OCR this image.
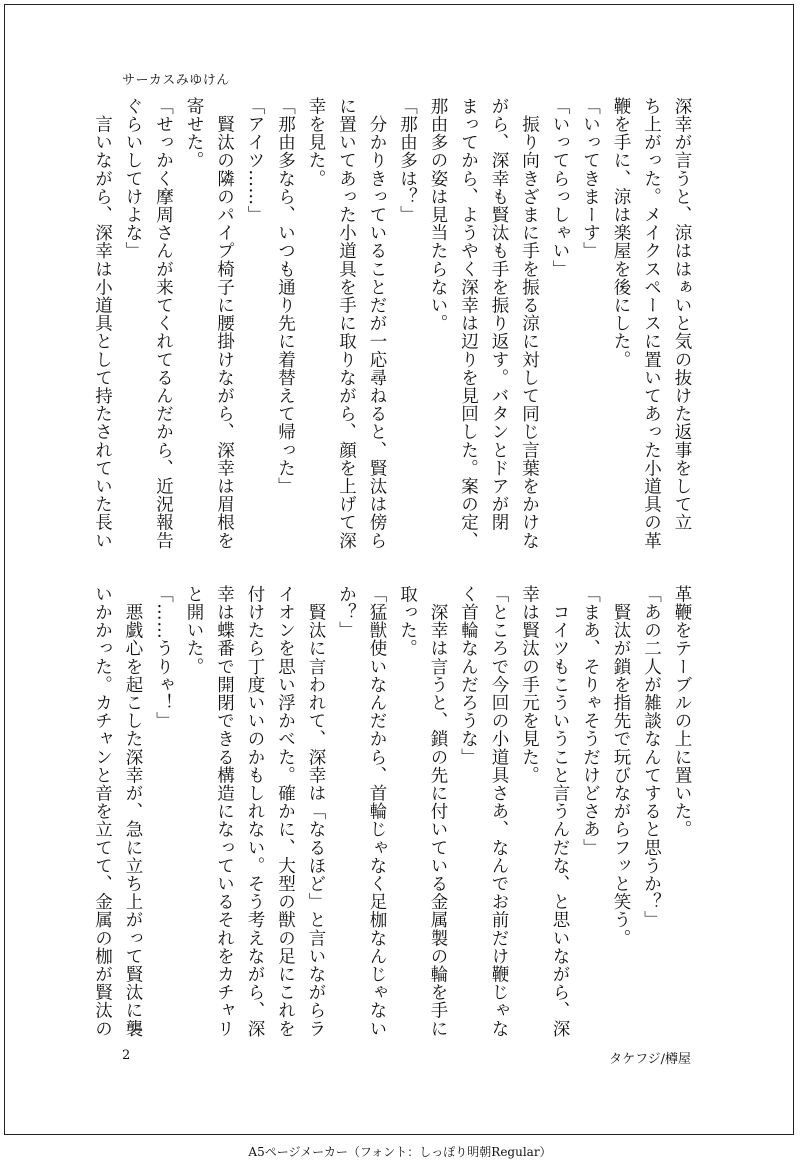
サーカスみゆけん

深幸が言うと、涼ははぁいと気の抜けた返事をして立

ち上がった。メイクスペースに置いてあった小道具の革

鞭を手に、涼は楽屋を後にした。

「いってきまーす」

「いってらっしゃい」

　振り向きざまに手を振る涼に対して同じ言葉をかけな

がら、深幸も賢汰も手を振り返す。バタンとドアが閉

まってから、ようやく深幸は辺りを見回した。案の定、

那由多の姿は見当たらない。

「那由多は？」

　分かりきっていることだが一応尋ねると、賢汰は傍ら

に置いてあった小道具を手に取りながら、顔を上げて深

幸を見た。

「那由多なら、いつも通り先に着替えて帰った」

「アイツ……」

　賢汰の隣のパイプ椅子に腰掛けながら、深幸は眉根を

寄せた。

「せっかく摩周さんが来てくれてるんだから、近況報告

ぐらいしてけよな」

　言いながら、深幸は小道具として持たされていた長い

革鞭をテーブルの上に置いた。

「あの二人が雑談なんてすると思うか？」

　賢汰が鎖を指先で玩びながらフッと笑う。

「まあ、そりゃそうだけどさあ」

　コイツもこういうこと言うんだな、と思いながら、深

幸は賢汰の手元を見た。

「ところで今回の小道具さあ、なんでお前だけ鞭じゃな

く首輪なんだろうな」

　深幸は言うと、鎖の先に付いている金属製の輪を手に

取った。

「猛獣使いなんだから、首輪じゃなく足枷なんじゃない

か？」

　賢汰に言われて、深幸は「なるほど」と言いながらラ

イオンを思い浮かべた。確かに、大型の獣の足にこれを

付けたら丁度いいのかもしれない。そう考えながら、深

幸は蝶番で開閉できる構造になっているそれをカチャリ

と開いた。

「……うりゃ！」

　悪戯心を起こした深幸が、急に立ち上がって賢汰に襲

いかかった。カチャンと音を立てて、金属の枷が賢汰の

2	タケフジ/樽屋
A5ページメーカー（フォント：しっぽり明朝Regular）
